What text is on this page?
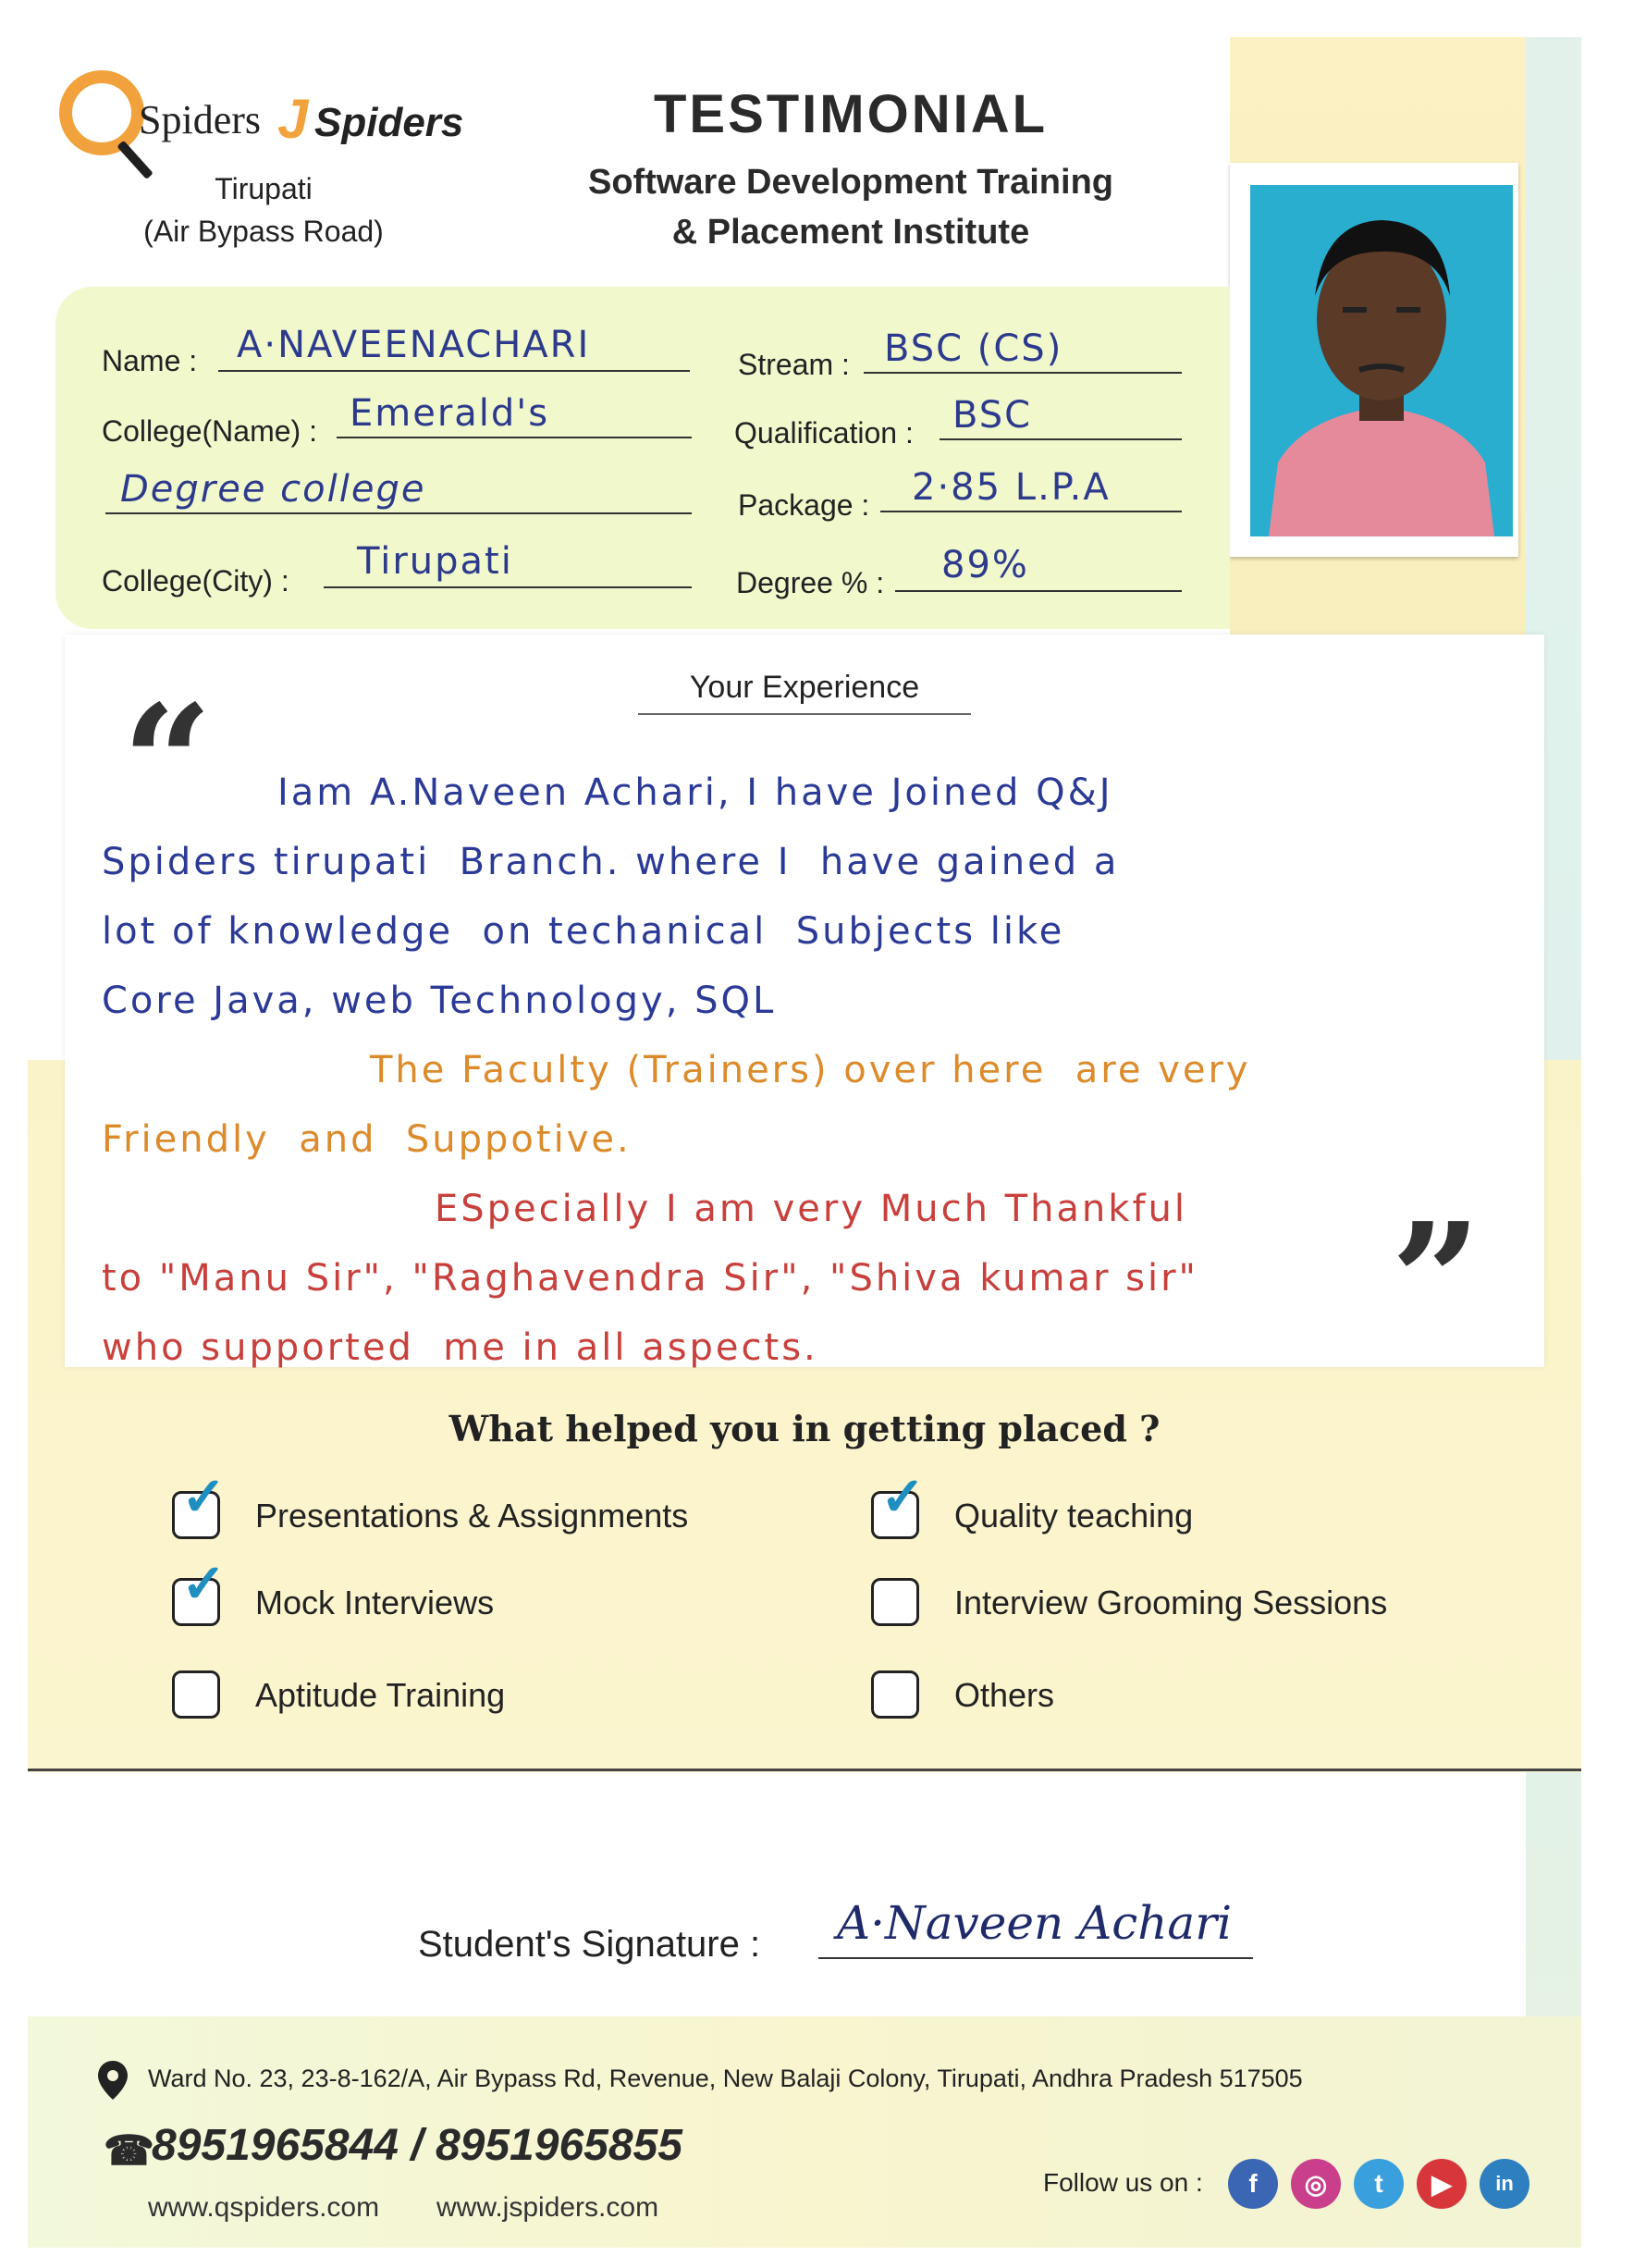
Spiders J Spiders
Tirupati
(Air Bypass Road)
TESTIMONIAL
Software Development Training
& Placement Institute
Name : A·NAVEENACHARI
College(Name) : Emerald's
Degree college
College(City) : Tirupati
Stream : BSC (CS)
Qualification : BSC
Package : 2·85 L.P.A
Degree % : 89%
Your Experience
“
”
Iam A.Naveen Achari, I have Joined Q&J
Spiders tirupati  Branch. where I  have gained a
lot of knowledge  on techanical  Subjects like
Core Java, web Technology, SQL
The Faculty (Trainers) over here  are very
Friendly  and  Suppotive.
ESpecially I am very Much Thankful
to "Manu Sir", "Raghavendra Sir", "Shiva kumar sir"
who supported  me in all aspects.
What helped you in getting placed ?
✓ Presentations & Assignments	✓ Quality teaching
✓ Mock Interviews	Interview Grooming Sessions
Aptitude Training	Others
Student's Signature : A·Naveen Achari
Ward No. 23, 23-8-162/A, Air Bypass Rd, Revenue, New Balaji Colony, Tirupati, Andhra Pradesh 517505
☎
8951965844 / 8951965855
www.qspiders.com www.jspiders.com
Follow us on :	f	◎	t	▶	in
